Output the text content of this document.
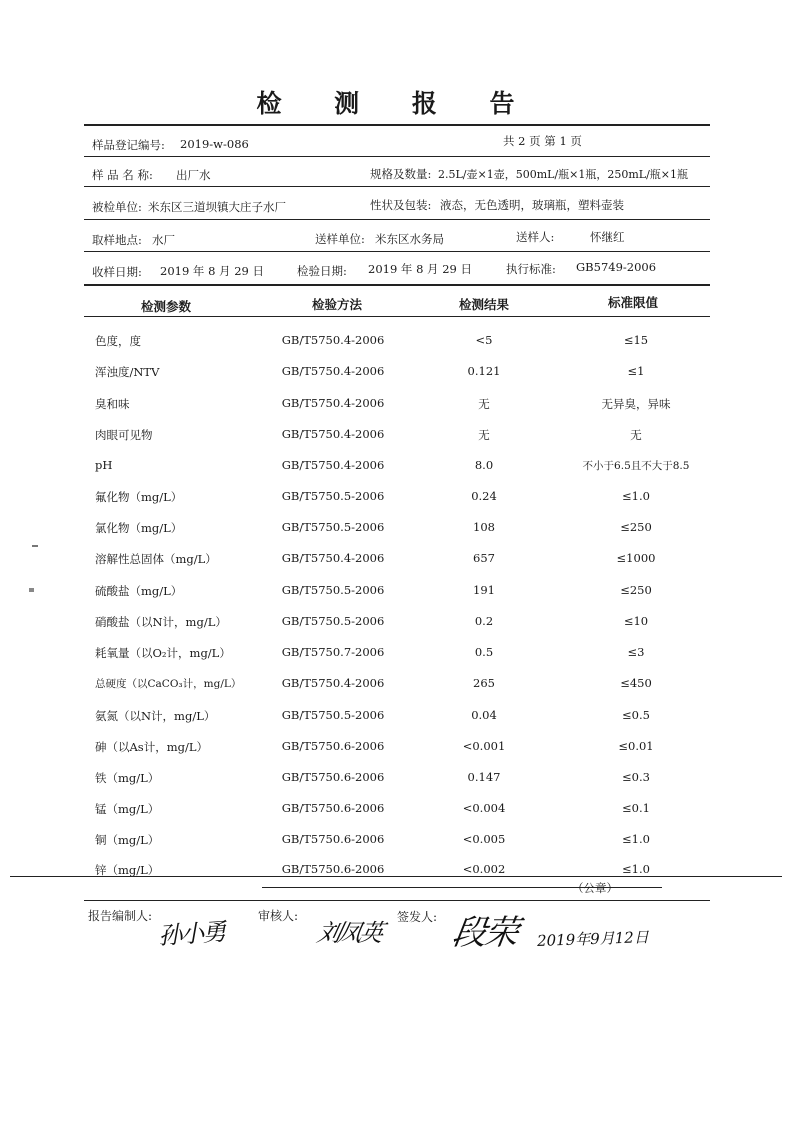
检 测 报 告
样品登记编号: 2019-w-086	共 2 页 第 1 页
样 品 名 称: 出厂水	规格及数量: 2.5L/壶×1壶，500mL/瓶×1瓶，250mL/瓶×1瓶
被检单位: 米东区三道坝镇大庄子水厂	性状及包装: 液态，无色透明，玻璃瓶，塑料壶装
取样地点: 水厂	送样单位: 米东区水务局	送样人:	怀继红
收样日期: 2019 年 8 月 29 日	检验日期: 2019 年 8 月 29 日	执行标准: GB5749-2006
检测参数	检验方法	检测结果	标准限值
色度，度	GB/T5750.4-2006	<5	≤15
浑浊度/NTV	GB/T5750.4-2006	0.121	≤1
臭和味	GB/T5750.4-2006	无	无异臭，异味
肉眼可见物	GB/T5750.4-2006	无	无
pH	GB/T5750.4-2006	8.0	不小于6.5且不大于8.5
氟化物（mg/L）	GB/T5750.5-2006	0.24	≤1.0
氯化物（mg/L）	GB/T5750.5-2006	108	≤250
溶解性总固体（mg/L）	GB/T5750.4-2006	657	≤1000
硫酸盐（mg/L）	GB/T5750.5-2006	191	≤250
硝酸盐（以N计，mg/L）	GB/T5750.5-2006	0.2	≤10
耗氧量（以O₂计，mg/L）	GB/T5750.7-2006	0.5	≤3
总硬度（以CaCO₃计，mg/L）	GB/T5750.4-2006	265	≤450
氨氮（以N计，mg/L）	GB/T5750.5-2006	0.04	≤0.5
砷（以As计，mg/L）	GB/T5750.6-2006	<0.001	≤0.01
铁（mg/L）	GB/T5750.6-2006	0.147	≤0.3
锰（mg/L）	GB/T5750.6-2006	<0.004	≤0.1
铜（mg/L）	GB/T5750.6-2006	<0.005	≤1.0
锌（mg/L）	GB/T5750.6-2006	<0.002	≤1.0
（公章）
报告编制人:	审核人:	签发人:
孙小勇	刘凤英 段荣 2019年9月12日
